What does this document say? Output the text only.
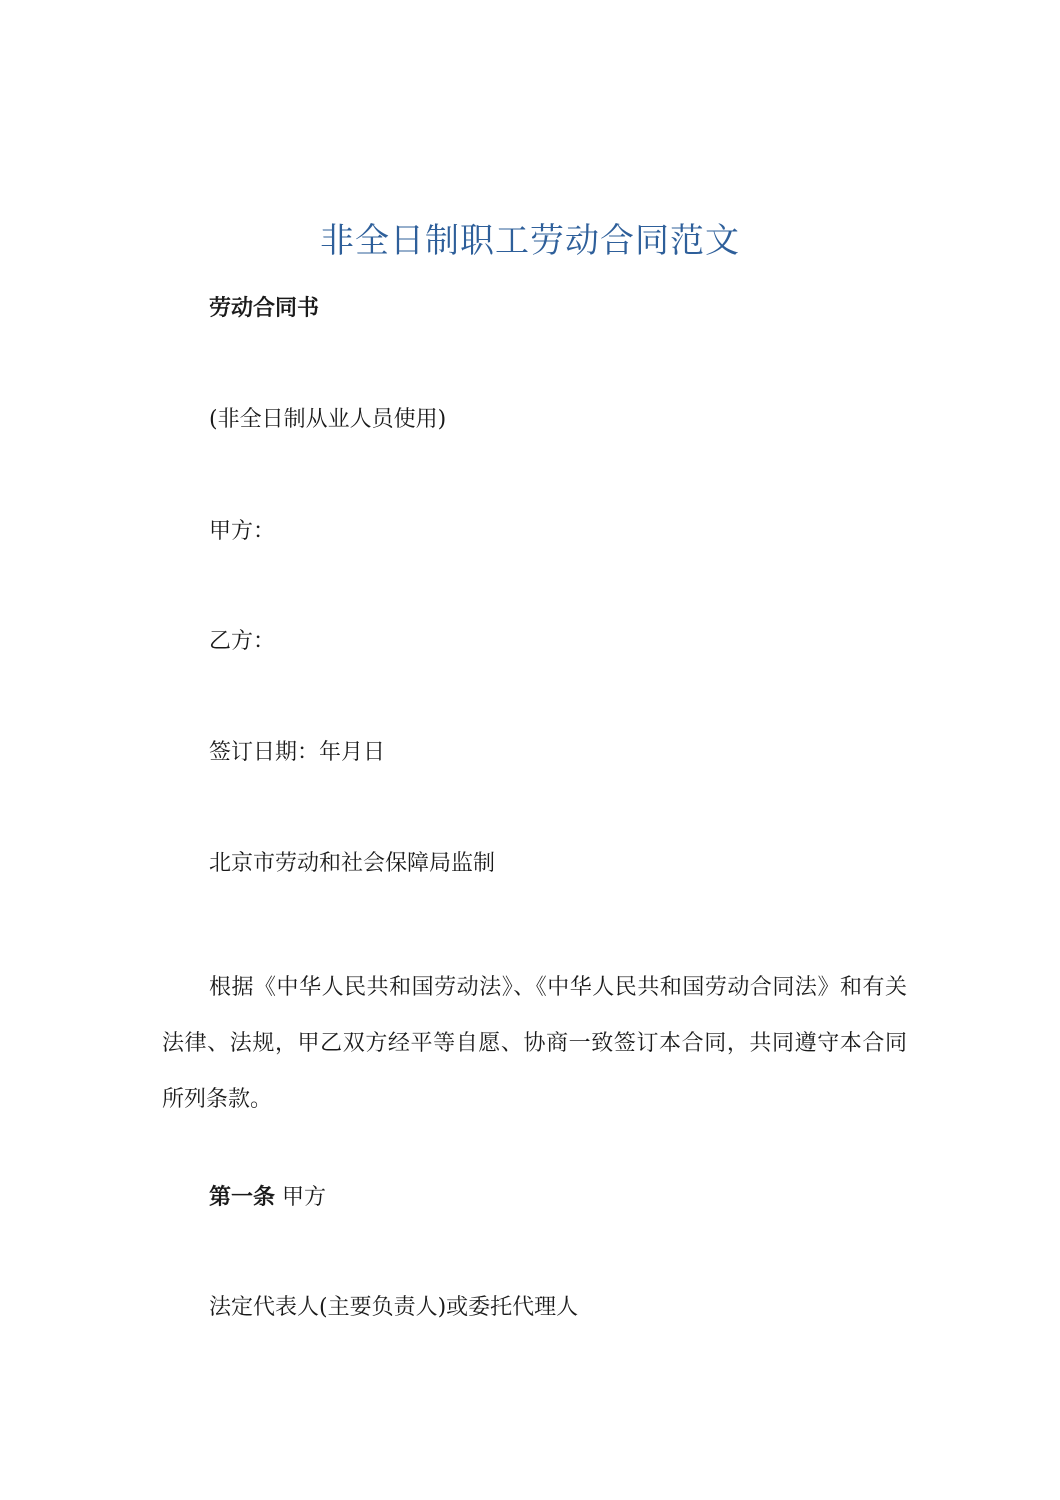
非全日制职工劳动合同范文

劳动合同书

(非全日制从业人员使用)

甲方：

乙方：

签订日期：年月日

北京市劳动和社会保障局监制

根据《中华人民共和国劳动法》、《中华人民共和国劳动合同法》和有关法律、法规，甲乙双方经平等自愿、协商一致签订本合同，共同遵守本合同所列条款。

第一条 甲方

法定代表人(主要负责人)或委托代理人
